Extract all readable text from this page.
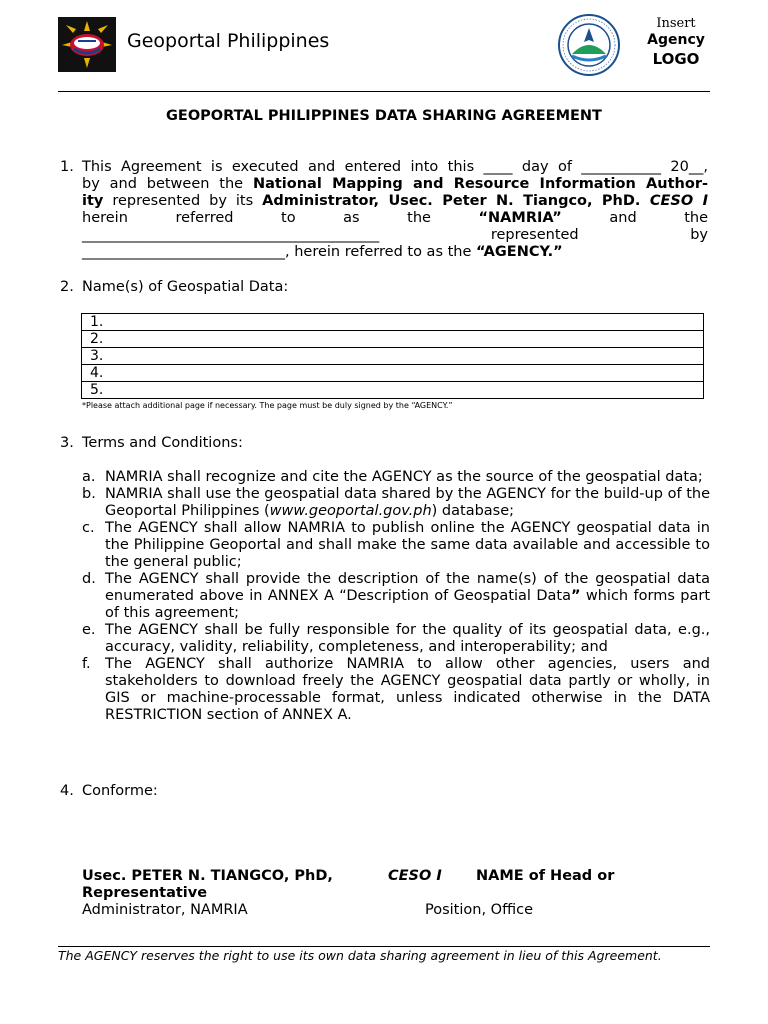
Geoportal Philippines
Insert
Agency
LOGO
GEOPORTAL PHILIPPINES DATA SHARING AGREEMENT
1. This Agreement is executed and entered into this ____ day of ___________ 20__,
by and between the National Mapping and Resource Information Author-
ity represented by its Administrator, Usec. Peter N. Tiangco, PhD. CESO I
herein referred to as the “NAMRIA” and the
_________________________________________ represented by
____________________________, herein referred to as the “AGENCY.”
2. Name(s) of Geospatial Data:
1.
2.
3.
4.
5.
*Please attach additional page if necessary. The page must be duly signed by the “AGENCY.”
3. Terms and Conditions:
a. NAMRIA shall recognize and cite the AGENCY as the source of the geospatial data;
b. NAMRIA shall use the geospatial data shared by the AGENCY for the build-up of the Geoportal Philippines (www.geoportal.gov.ph) database;
c. The AGENCY shall allow NAMRIA to publish online the AGENCY geospatial data in the Philippine Geoportal and shall make the same data available and accessible to the general public;
d. The AGENCY shall provide the description of the name(s) of the geospatial data enumerated above in ANNEX A “Description of Geospatial Data” which forms part of this agreement;
e. The AGENCY shall be fully responsible for the quality of its geospatial data, e.g., accuracy, validity, reliability, completeness, and interoperability; and
f. The AGENCY shall authorize NAMRIA to allow other agencies, users and stakeholders to download freely the AGENCY geospatial data partly or wholly, in GIS or machine-processable format, unless indicated otherwise in the DATA RESTRICTION section of ANNEX A.
4. Conforme:
Usec. PETER N. TIANGCO, PhD,	CESO I NAME of Head or
Representative
Administrator, NAMRIA	Position, Office
The AGENCY reserves the right to use its own data sharing agreement in lieu of this Agreement.
